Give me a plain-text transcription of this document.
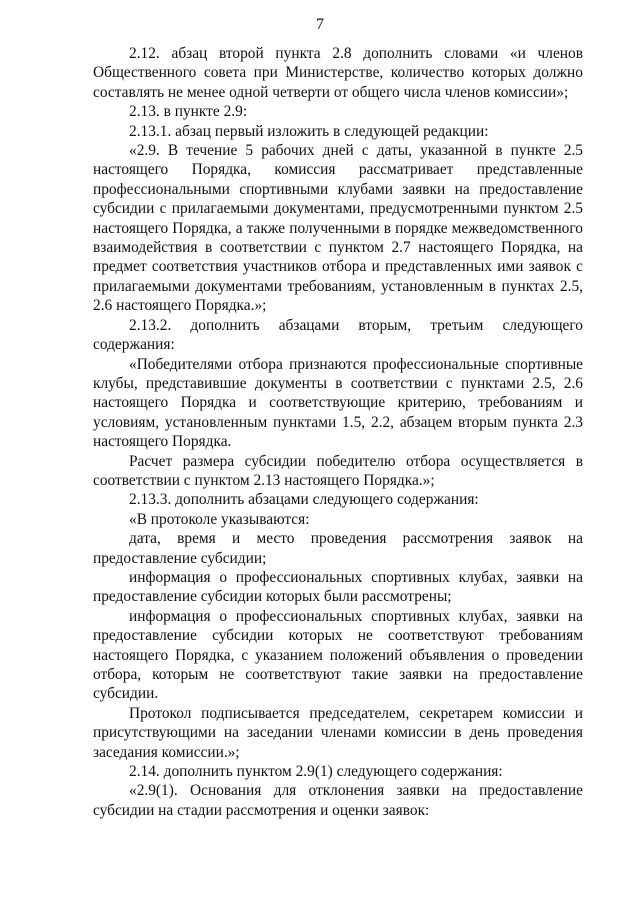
7

2.12. абзац второй пункта 2.8 дополнить словами «и членов Общественного совета при Министерстве, количество которых должно составлять не менее одной четверти от общего числа членов комиссии»;

2.13. в пункте 2.9:

2.13.1. абзац первый изложить в следующей редакции:

«2.9. В течение 5 рабочих дней с даты, указанной в пункте 2.5 настоящего Порядка, комиссия рассматривает представленные профессиональными спортивными клубами заявки на предоставление субсидии с прилагаемыми документами, предусмотренными пунктом 2.5 настоящего Порядка, а также полученными в порядке межведомственного взаимодействия в соответствии с пунктом 2.7 настоящего Порядка, на предмет соответствия участников отбора и представленных ими заявок с прилагаемыми документами требованиям, установленным в пунктах 2.5, 2.6 настоящего Порядка.»;

2.13.2. дополнить абзацами вторым, третьим следующего содержания:

«Победителями отбора признаются профессиональные спортивные клубы, представившие документы в соответствии с пунктами 2.5, 2.6 настоящего Порядка и соответствующие критерию, требованиям и условиям, установленным пунктами 1.5, 2.2, абзацем вторым пункта 2.3 настоящего Порядка.

Расчет размера субсидии победителю отбора осуществляется в соответствии с пунктом 2.13 настоящего Порядка.»;

2.13.3. дополнить абзацами следующего содержания:

«В протоколе указываются:

дата, время и место проведения рассмотрения заявок на предоставление субсидии;

информация о профессиональных спортивных клубах, заявки на предоставление субсидии которых были рассмотрены;

информация о профессиональных спортивных клубах, заявки на предоставление субсидии которых не соответствуют требованиям настоящего Порядка, с указанием положений объявления о проведении отбора, которым не соответствуют такие заявки на предоставление субсидии.

Протокол подписывается председателем, секретарем комиссии и присутствующими на заседании членами комиссии в день проведения заседания комиссии.»;

2.14. дополнить пунктом 2.9(1) следующего содержания:

«2.9(1). Основания для отклонения заявки на предоставление субсидии на стадии рассмотрения и оценки заявок:
